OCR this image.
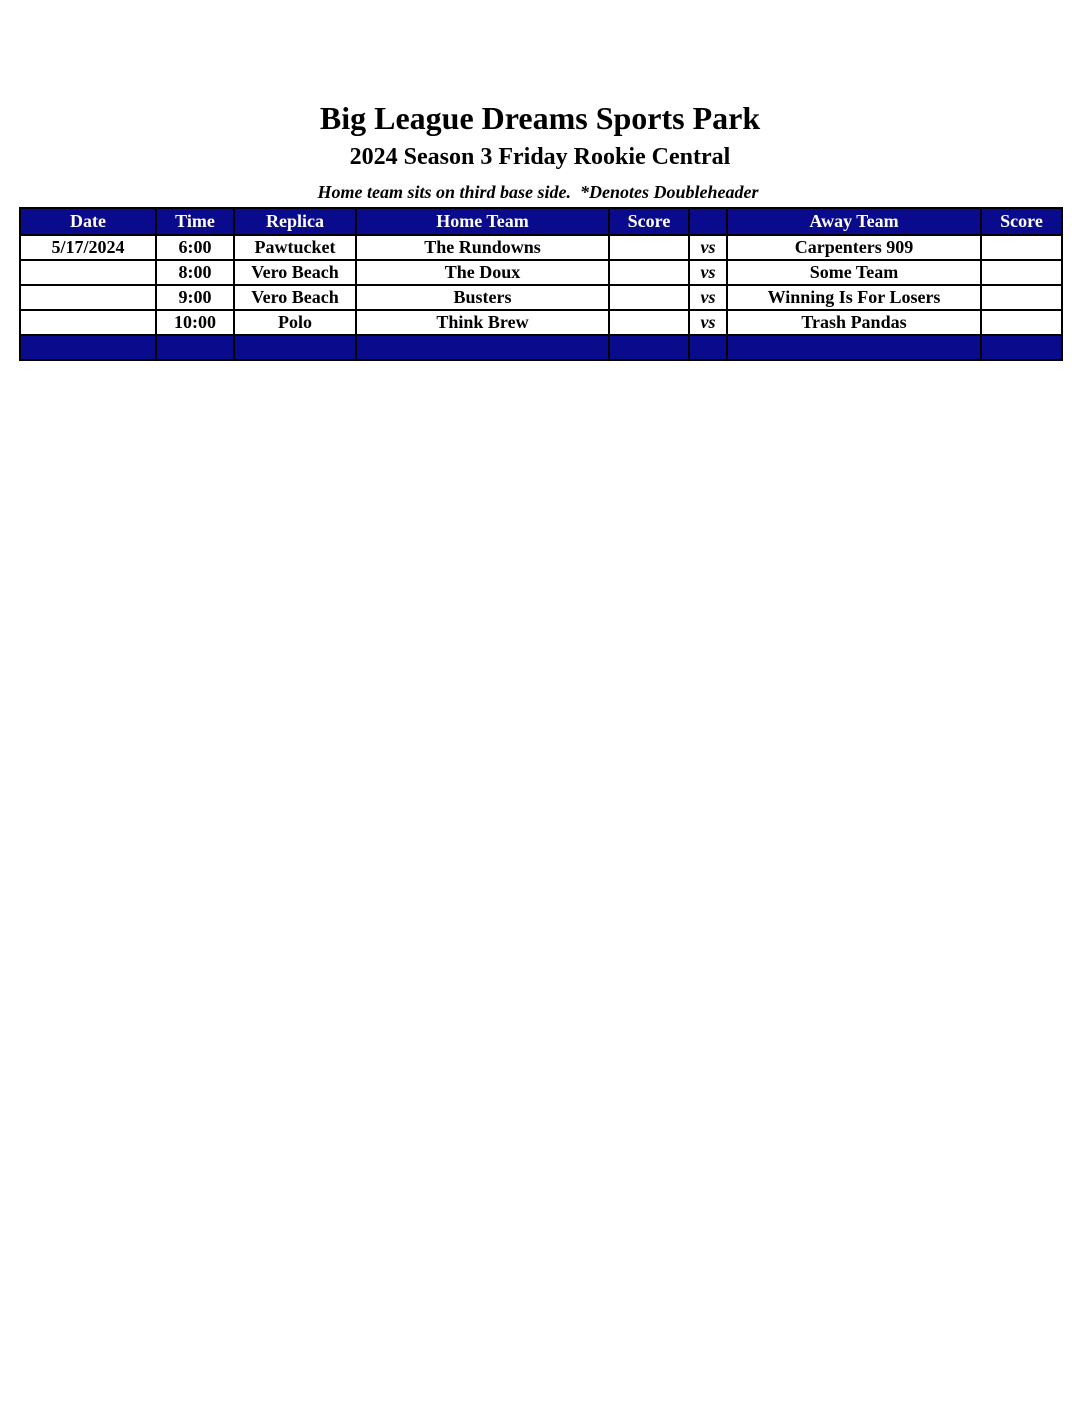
Big League Dreams Sports Park
2024 Season 3 Friday Rookie Central
Home team sits on third base side.  *Denotes Doubleheader
Date	Time	Replica	Home Team	Score		Away Team	Score
5/17/2024	6:00	Pawtucket	The Rundowns		vs	Carpenters 909	
	8:00	Vero Beach	The Doux		vs	Some Team	
	9:00	Vero Beach	Busters		vs	Winning Is For Losers	
	10:00	Polo	Think Brew		vs	Trash Pandas	
